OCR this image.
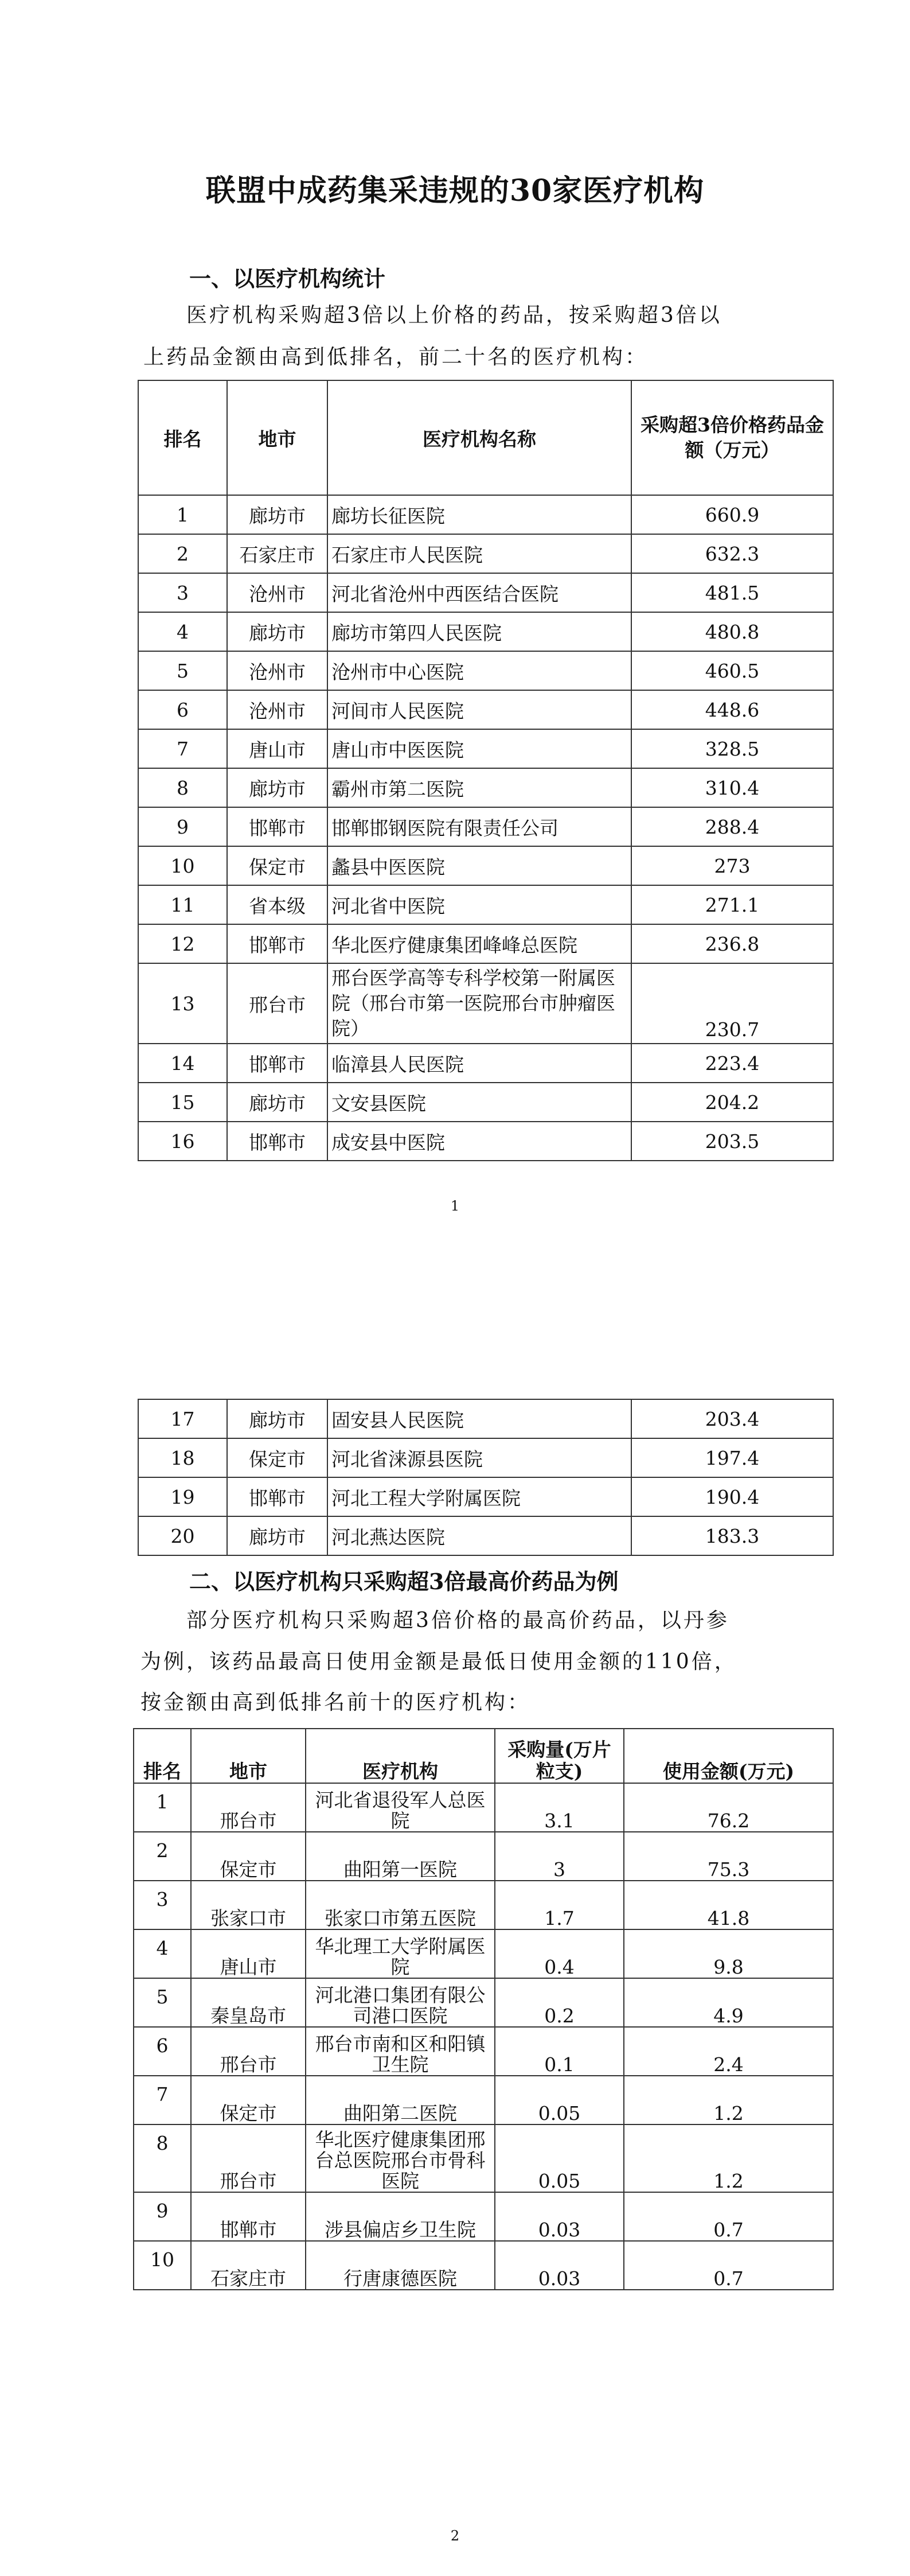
联盟中成药集采违规的30家医疗机构
一、以医疗机构统计
医疗机构采购超3倍以上价格的药品，按采购超3倍以
上药品金额由高到低排名，前二十名的医疗机构：
排名	地市	医疗机构名称	采购超3倍价格药品金额（万元）
1	廊坊市	廊坊长征医院	660.9
2	石家庄市	石家庄市人民医院	632.3
3	沧州市	河北省沧州中西医结合医院	481.5
4	廊坊市	廊坊市第四人民医院	480.8
5	沧州市	沧州市中心医院	460.5
6	沧州市	河间市人民医院	448.6
7	唐山市	唐山市中医医院	328.5
8	廊坊市	霸州市第二医院	310.4
9	邯郸市	邯郸邯钢医院有限责任公司	288.4
10	保定市	蠡县中医医院	273
11	省本级	河北省中医院	271.1
12	邯郸市	华北医疗健康集团峰峰总医院	236.8
13	邢台市	邢台医学高等专科学校第一附属医院（邢台市第一医院邢台市肿瘤医院）	230.7
14	邯郸市	临漳县人民医院	223.4
15	廊坊市	文安县医院	204.2
16	邯郸市	成安县中医院	203.5
1
17	廊坊市	固安县人民医院	203.4
18	保定市	河北省涞源县医院	197.4
19	邯郸市	河北工程大学附属医院	190.4
20	廊坊市	河北燕达医院	183.3
二、以医疗机构只采购超3倍最高价药品为例
部分医疗机构只采购超3倍价格的最高价药品，以丹参
为例，该药品最高日使用金额是最低日使用金额的110倍，
按金额由高到低排名前十的医疗机构：
排名	地市	医疗机构	采购量(万片粒支)	使用金额(万元)
1	邢台市	河北省退役军人总医院	3.1	76.2
2	保定市	曲阳第一医院	3	75.3
3	张家口市	张家口市第五医院	1.7	41.8
4	唐山市	华北理工大学附属医院	0.4	9.8
5	秦皇岛市	河北港口集团有限公司港口医院	0.2	4.9
6	邢台市	邢台市南和区和阳镇卫生院	0.1	2.4
7	保定市	曲阳第二医院	0.05	1.2
8	邢台市	华北医疗健康集团邢台总医院邢台市骨科医院	0.05	1.2
9	邯郸市	涉县偏店乡卫生院	0.03	0.7
10	石家庄市	行唐康德医院	0.03	0.7
2
